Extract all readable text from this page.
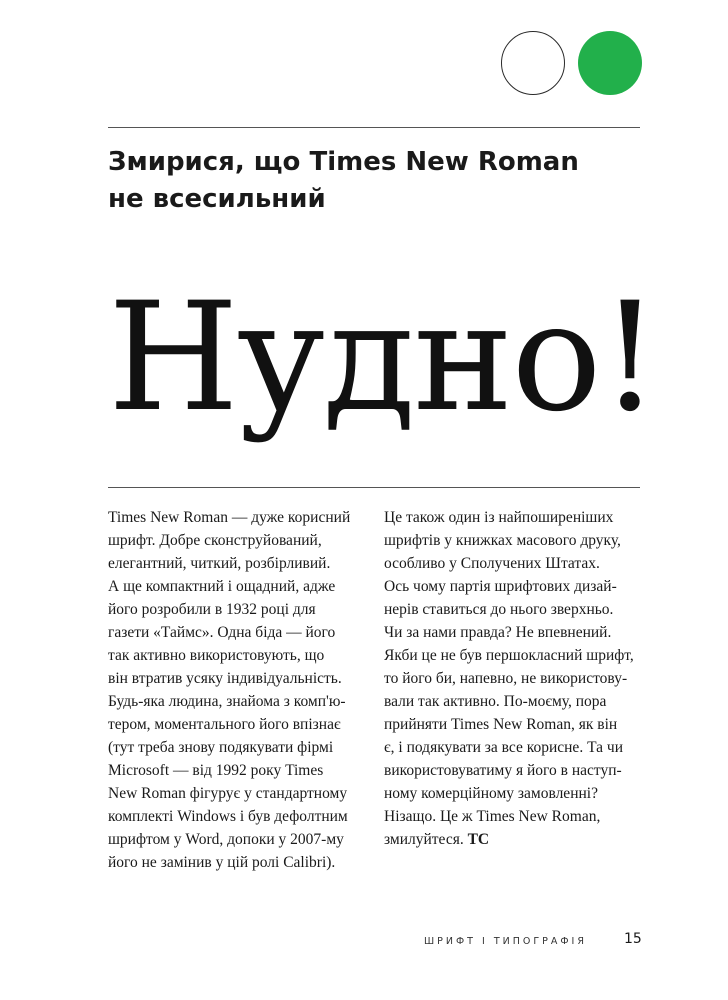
Змирися, що Times New Roman
не всесильний
Нудно!
Times New Roman — дуже корисний
шрифт. Добре сконструйований,
елегантний, читкий, розбірливий.
А ще компактний і ощадний, адже
його розробили в 1932 році для
газети «Таймс». Одна біда — його
так активно використовують, що
він втратив усяку індивідуальність.
Будь-яка людина, знайома з комп'ю-
тером, моментального його впізнає
(тут треба знову подякувати фірмі
Microsoft — від 1992 року Times
New Roman фігурує у стандартному
комплекті Windows і був дефолтним
шрифтом у Word, допоки у 2007-му
його не замінив у цій ролі Calibri).
Це також один із найпоширеніших
шрифтів у книжках масового друку,
особливо у Сполучених Штатах.
Ось чому партія шрифтових дизай-
нерів ставиться до нього зверхньо.
Чи за нами правда? Не впевнений.
Якби це не був першокласний шрифт,
то його би, напевно, не використову-
вали так активно. По-моєму, пора
прийняти Times New Roman, як він
є, і подякувати за все корисне. Та чи
використовуватиму я його в наступ-
ному комерційному замовленні?
Нізащо. Це ж Times New Roman,
змилуйтеся. TC
ШРИФТ І ТИПОГРАФІЯ	15
